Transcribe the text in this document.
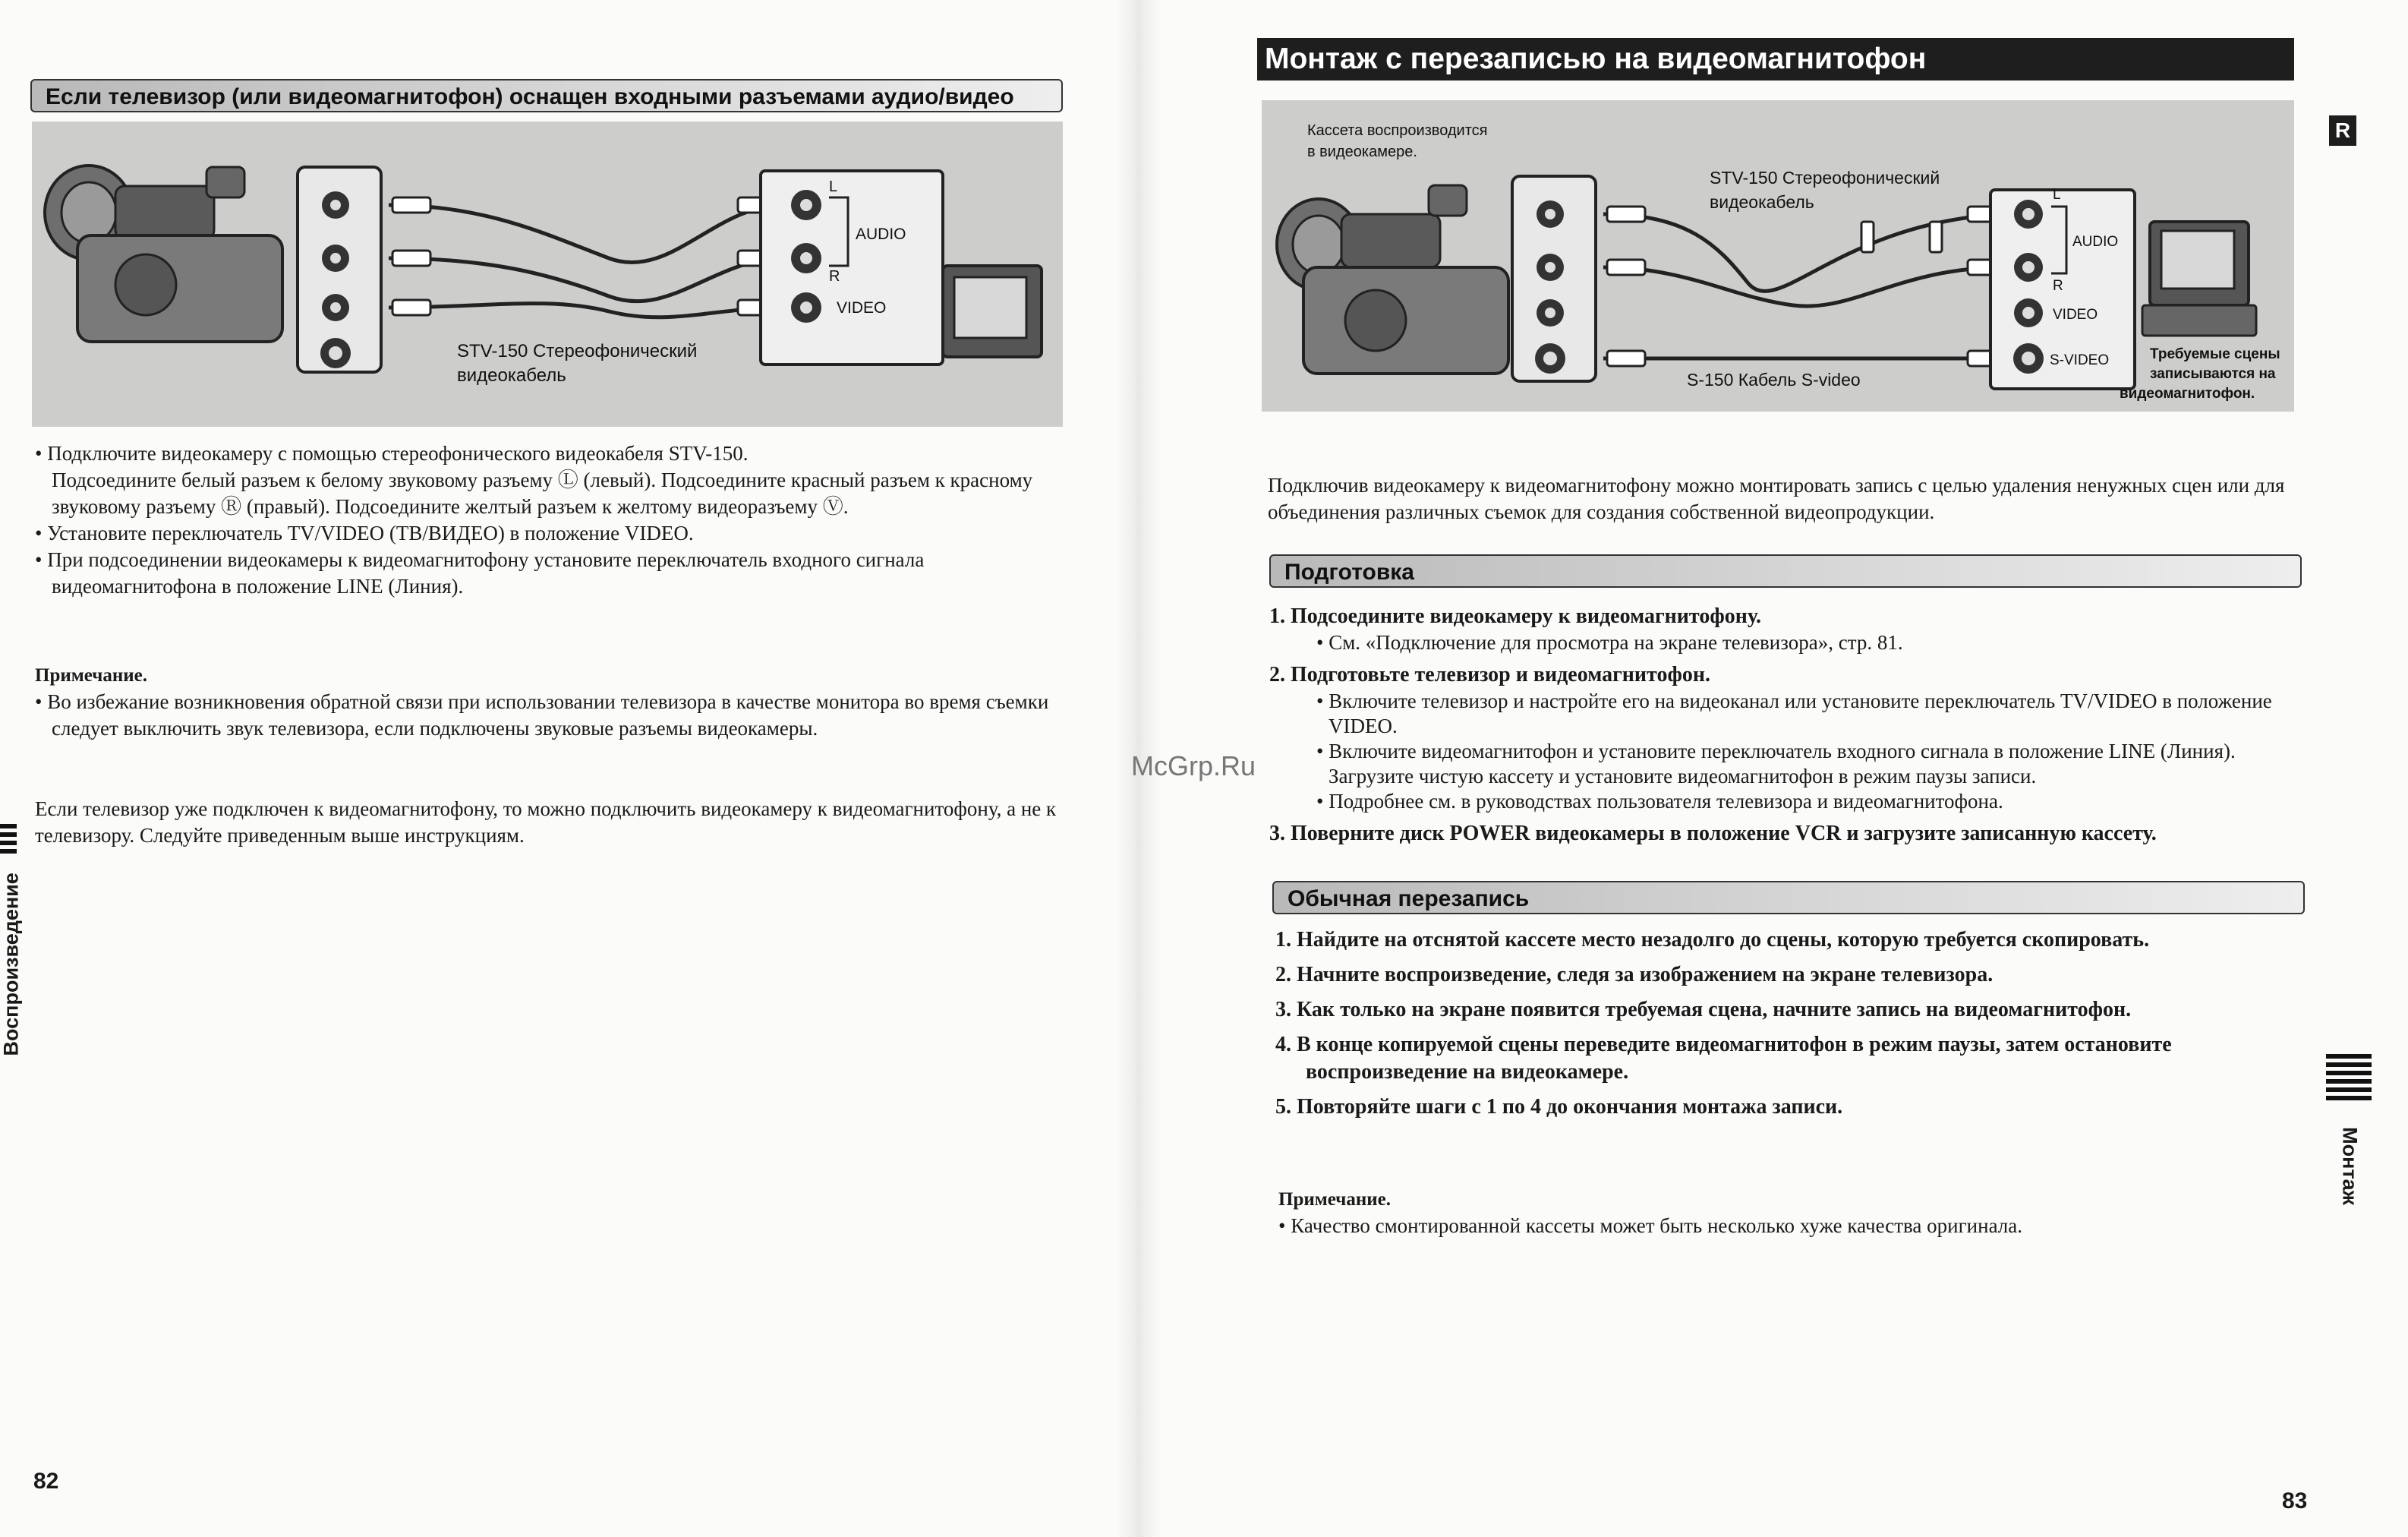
Если телевизор (или видеомагнитофон) оснащен входными разъемами аудио/видео
STV-150 Стереофонический
видеокабель
L
R
AUDIO
VIDEO

• Подключите видеокамеру с помощью стереофонического видеокабеля STV-150.

Подсоедините белый разъем к белому звуковому разъему Ⓛ (левый). Подсоедините красный разъем к красному звуковому разъему Ⓡ (правый). Подсоедините желтый разъем к желтому видеоразъему Ⓥ.

• Установите переключатель TV/VIDEO (ТВ/ВИДЕО) в положение VIDEO.

• При подсоединении видеокамеры к видеомагнитофону установите переключатель входного сигнала видеомагнитофона в положение LINE (Линия).

Примечание.

• Во избежание возникновения обратной связи при использовании телевизора в качестве монитора во время съемки следует выключить звук телевизора, если подключены звуковые разъемы видеокамеры.

Если телевизор уже подключен к видеомагнитофону, то можно подключить видеокамеру к видеомагнитофону, а не к телевизору. Следуйте приведенным выше инструкциям.
Воспроизведение
82
McGrp.Ru
Монтаж с перезаписью на видеомагнитофон
R
Кассета воспроизводится
в видеокамере.
STV-150 Стереофонический
видеокабель
S-150 Кабель S-video
L
R
AUDIO
VIDEO
S-VIDEO	Требуемые сцены
записываются на
видеомагнитофон.
Подключив видеокамеру к видеомагнитофону можно монтировать запись с целью удаления ненужных сцен или для объединения различных съемок для создания собственной видеопродукции.
Подготовка

1. Подсоедините видеокамеру к видеомагнитофону.

• См. «Подключение для просмотра на экране телевизора», стр. 81.

2. Подготовьте телевизор и видеомагнитофон.

• Включите телевизор и настройте его на видеоканал или установите переключатель TV/VIDEO в положение VIDEO.

• Включите видеомагнитофон и установите переключатель входного сигнала в положение LINE (Линия). Загрузите чистую кассету и установите видеомагнитофон в режим паузы записи.

• Подробнее см. в руководствах пользователя телевизора и видеомагнитофона.

3. Поверните диск POWER видеокамеры в положение VCR и загрузите записанную кассету.

Обычная перезапись

1. Найдите на отснятой кассете место незадолго до сцены, которую требуется скопировать.

2. Начните воспроизведение, следя за изображением на экране телевизора.

3. Как только на экране появится требуемая сцена, начните запись на видеомагнитофон.

4. В конце копируемой сцены переведите видеомагнитофон в режим паузы, затем остановите воспроизведение на видеокамере.

5. Повторяйте шаги с 1 по 4 до окончания монтажа записи.

Примечание.

• Качество смонтированной кассеты может быть несколько хуже качества оригинала.

Монтаж
83
